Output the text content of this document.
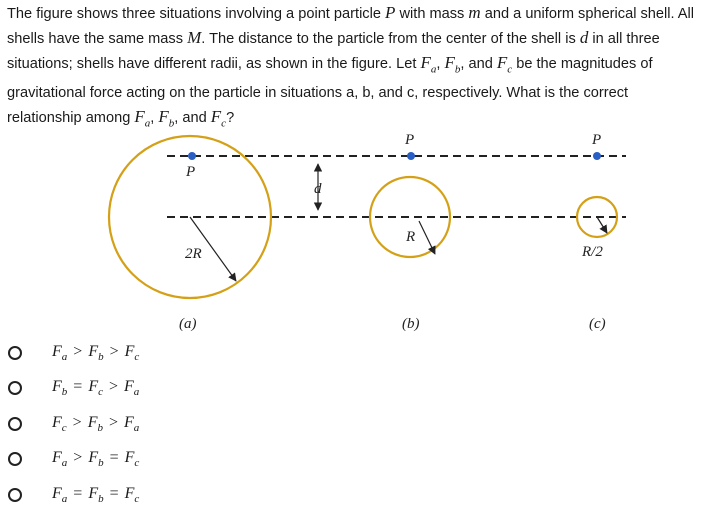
The figure shows three situations involving a point particle P with mass m and a uniform spherical shell. All shells have the same mass M. The distance to the particle from the center of the shell is d in all three situations; shells have different radii, as shown in the figure. Let $F_a$, $F_b$, and $F_c$ be the magnitudes of gravitational force acting on the particle in situations a, b, and c, respectively. What is the correct relationship among $F_a$, $F_b$, and $F_c$?

d
2R
P
(a)
R
P
(b)
R/2
P
(c)
$F_a > F_b > F_c$
$F_b = F_c > F_a$
$F_c > F_b > F_a$
$F_a > F_b = F_c$
$F_a = F_b = F_c$
